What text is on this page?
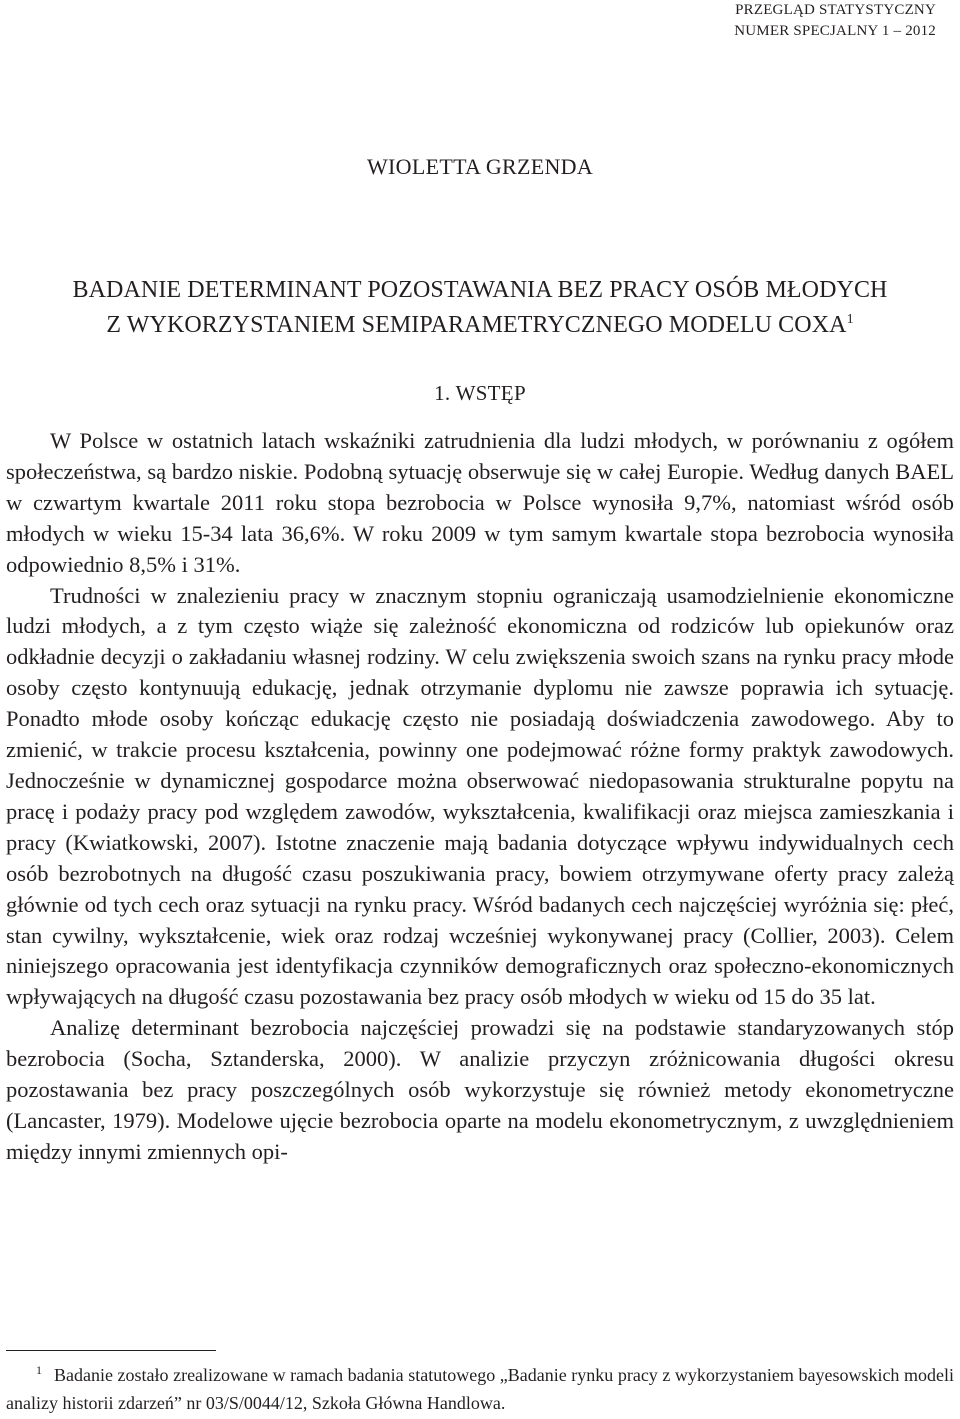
PRZEGLĄD STATYSTYCZNY
NUMER SPECJALNY 1 – 2012
WIOLETTA GRZENDA
BADANIE DETERMINANT POZOSTAWANIA BEZ PRACY OSÓB MŁODYCH
Z WYKORZYSTANIEM SEMIPARAMETRYCZNEGO MODELU COXA$^1$
1. WSTĘP

W Polsce w ostatnich latach wskaźniki zatrudnienia dla ludzi młodych, w porównaniu z ogółem społeczeństwa, są bardzo niskie. Podobną sytuację obserwuje się w całej Europie. Według danych BAEL w czwartym kwartale 2011 roku stopa bezrobocia w Polsce wynosiła 9,7%, natomiast wśród osób młodych w wieku 15-34 lata 36,6%. W roku 2009 w tym samym kwartale stopa bezrobocia wynosiła odpowiednio 8,5% i 31%.

Trudności w znalezieniu pracy w znacznym stopniu ograniczają usamodzielnienie ekonomiczne ludzi młodych, a z tym często wiąże się zależność ekonomiczna od rodziców lub opiekunów oraz odkładnie decyzji o zakładaniu własnej rodziny. W celu zwiększenia swoich szans na rynku pracy młode osoby często kontynuują edukację, jednak otrzymanie dyplomu nie zawsze poprawia ich sytuację. Ponadto młode osoby kończąc edukację często nie posiadają doświadczenia zawodowego. Aby to zmienić, w trakcie procesu kształcenia, powinny one podejmować różne formy praktyk zawodowych. Jednocześnie w dynamicznej gospodarce można obserwować niedopasowania strukturalne popytu na pracę i podaży pracy pod względem zawodów, wykształcenia, kwalifikacji oraz miejsca zamieszkania i pracy (Kwiatkowski, 2007). Istotne znaczenie mają badania dotyczące wpływu indywidualnych cech osób bezrobotnych na długość czasu poszukiwania pracy, bowiem otrzymywane oferty pracy zależą głównie od tych cech oraz sytuacji na rynku pracy. Wśród badanych cech najczęściej wyróżnia się: płeć, stan cywilny, wykształcenie, wiek oraz rodzaj wcześniej wykonywanej pracy (Collier, 2003). Celem niniejszego opracowania jest identyfikacja czynników demograficznych oraz społeczno-ekonomicznych wpływających na długość czasu pozostawania bez pracy osób młodych w wieku od 15 do 35 lat.

Analizę determinant bezrobocia najczęściej prowadzi się na podstawie standaryzowanych stóp bezrobocia (Socha, Sztanderska, 2000). W analizie przyczyn zróżnicowania długości okresu pozostawania bez pracy poszczególnych osób wykorzystuje się również metody ekonometryczne (Lancaster, 1979). Modelowe ujęcie bezrobocia oparte na modelu ekonometrycznym, z uwzględnieniem między innymi zmiennych opi-

$^1$ Badanie zostało zrealizowane w ramach badania statutowego „Badanie rynku pracy z wykorzystaniem bayesowskich modeli analizy historii zdarzeń” nr 03/S/0044/12, Szkoła Główna Handlowa.
